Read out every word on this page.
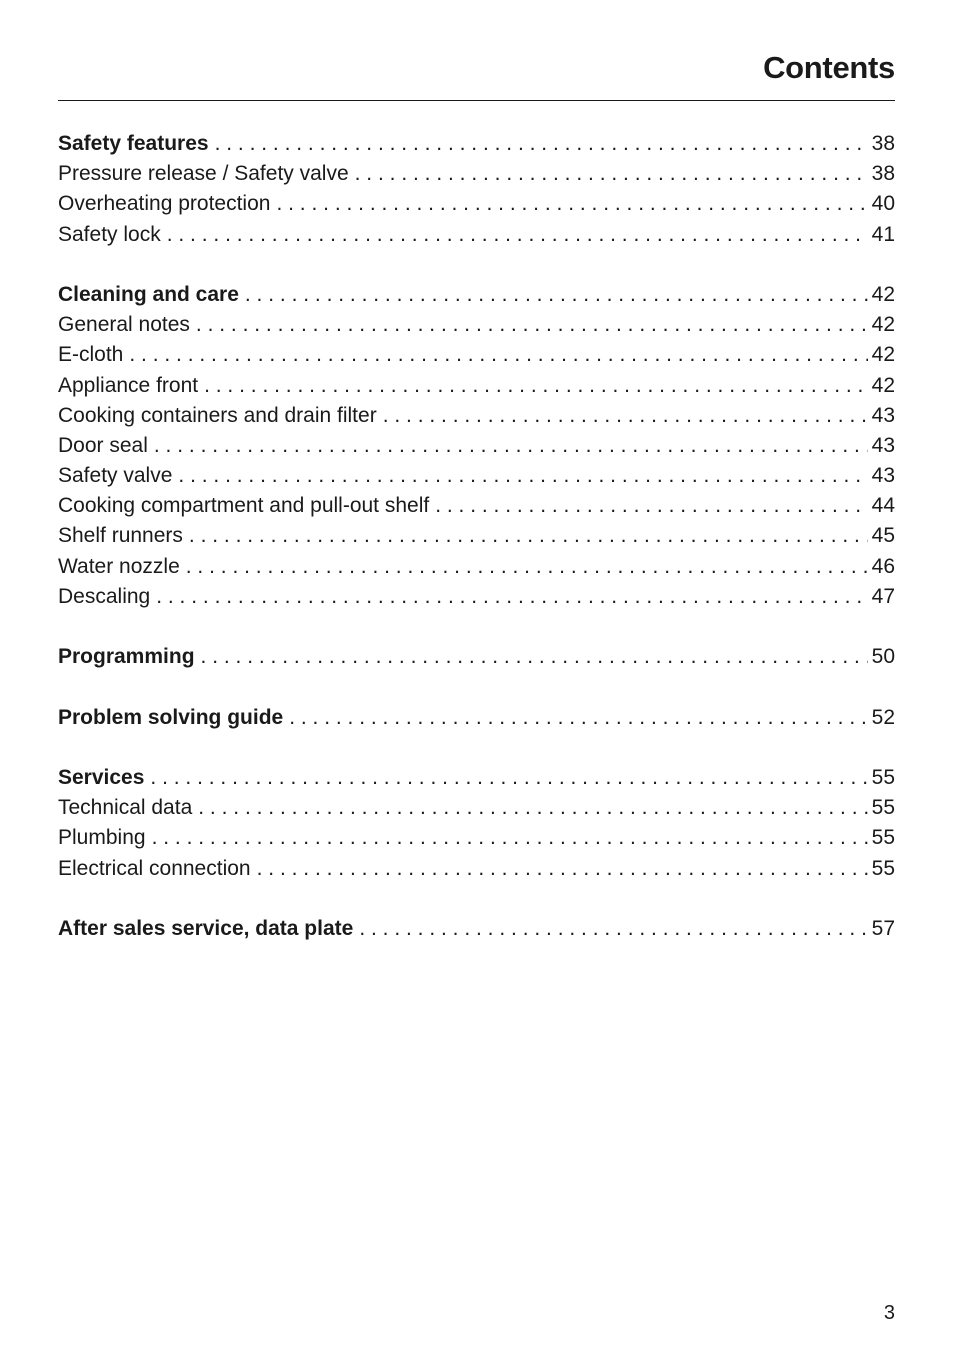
Contents
Safety features . . .	38
Pressure release / Safety valve . . .	38
Overheating protection . . .	40
Safety lock . . .	41
Cleaning and care . . .	42
General notes . . .	42
E-cloth . . .	42
Appliance front . . .	42
Cooking containers and drain filter . . .	43
Door seal . . .	43
Safety valve . . .	43
Cooking compartment and pull-out shelf . . .	44
Shelf runners . . .	45
Water nozzle . . .	46
Descaling . . .	47
Programming . . .	50
Problem solving guide . . .	52
Services . . .	55
Technical data . . .	55
Plumbing . . .	55
Electrical connection . . .	55
After sales service, data plate . . .	57

3
